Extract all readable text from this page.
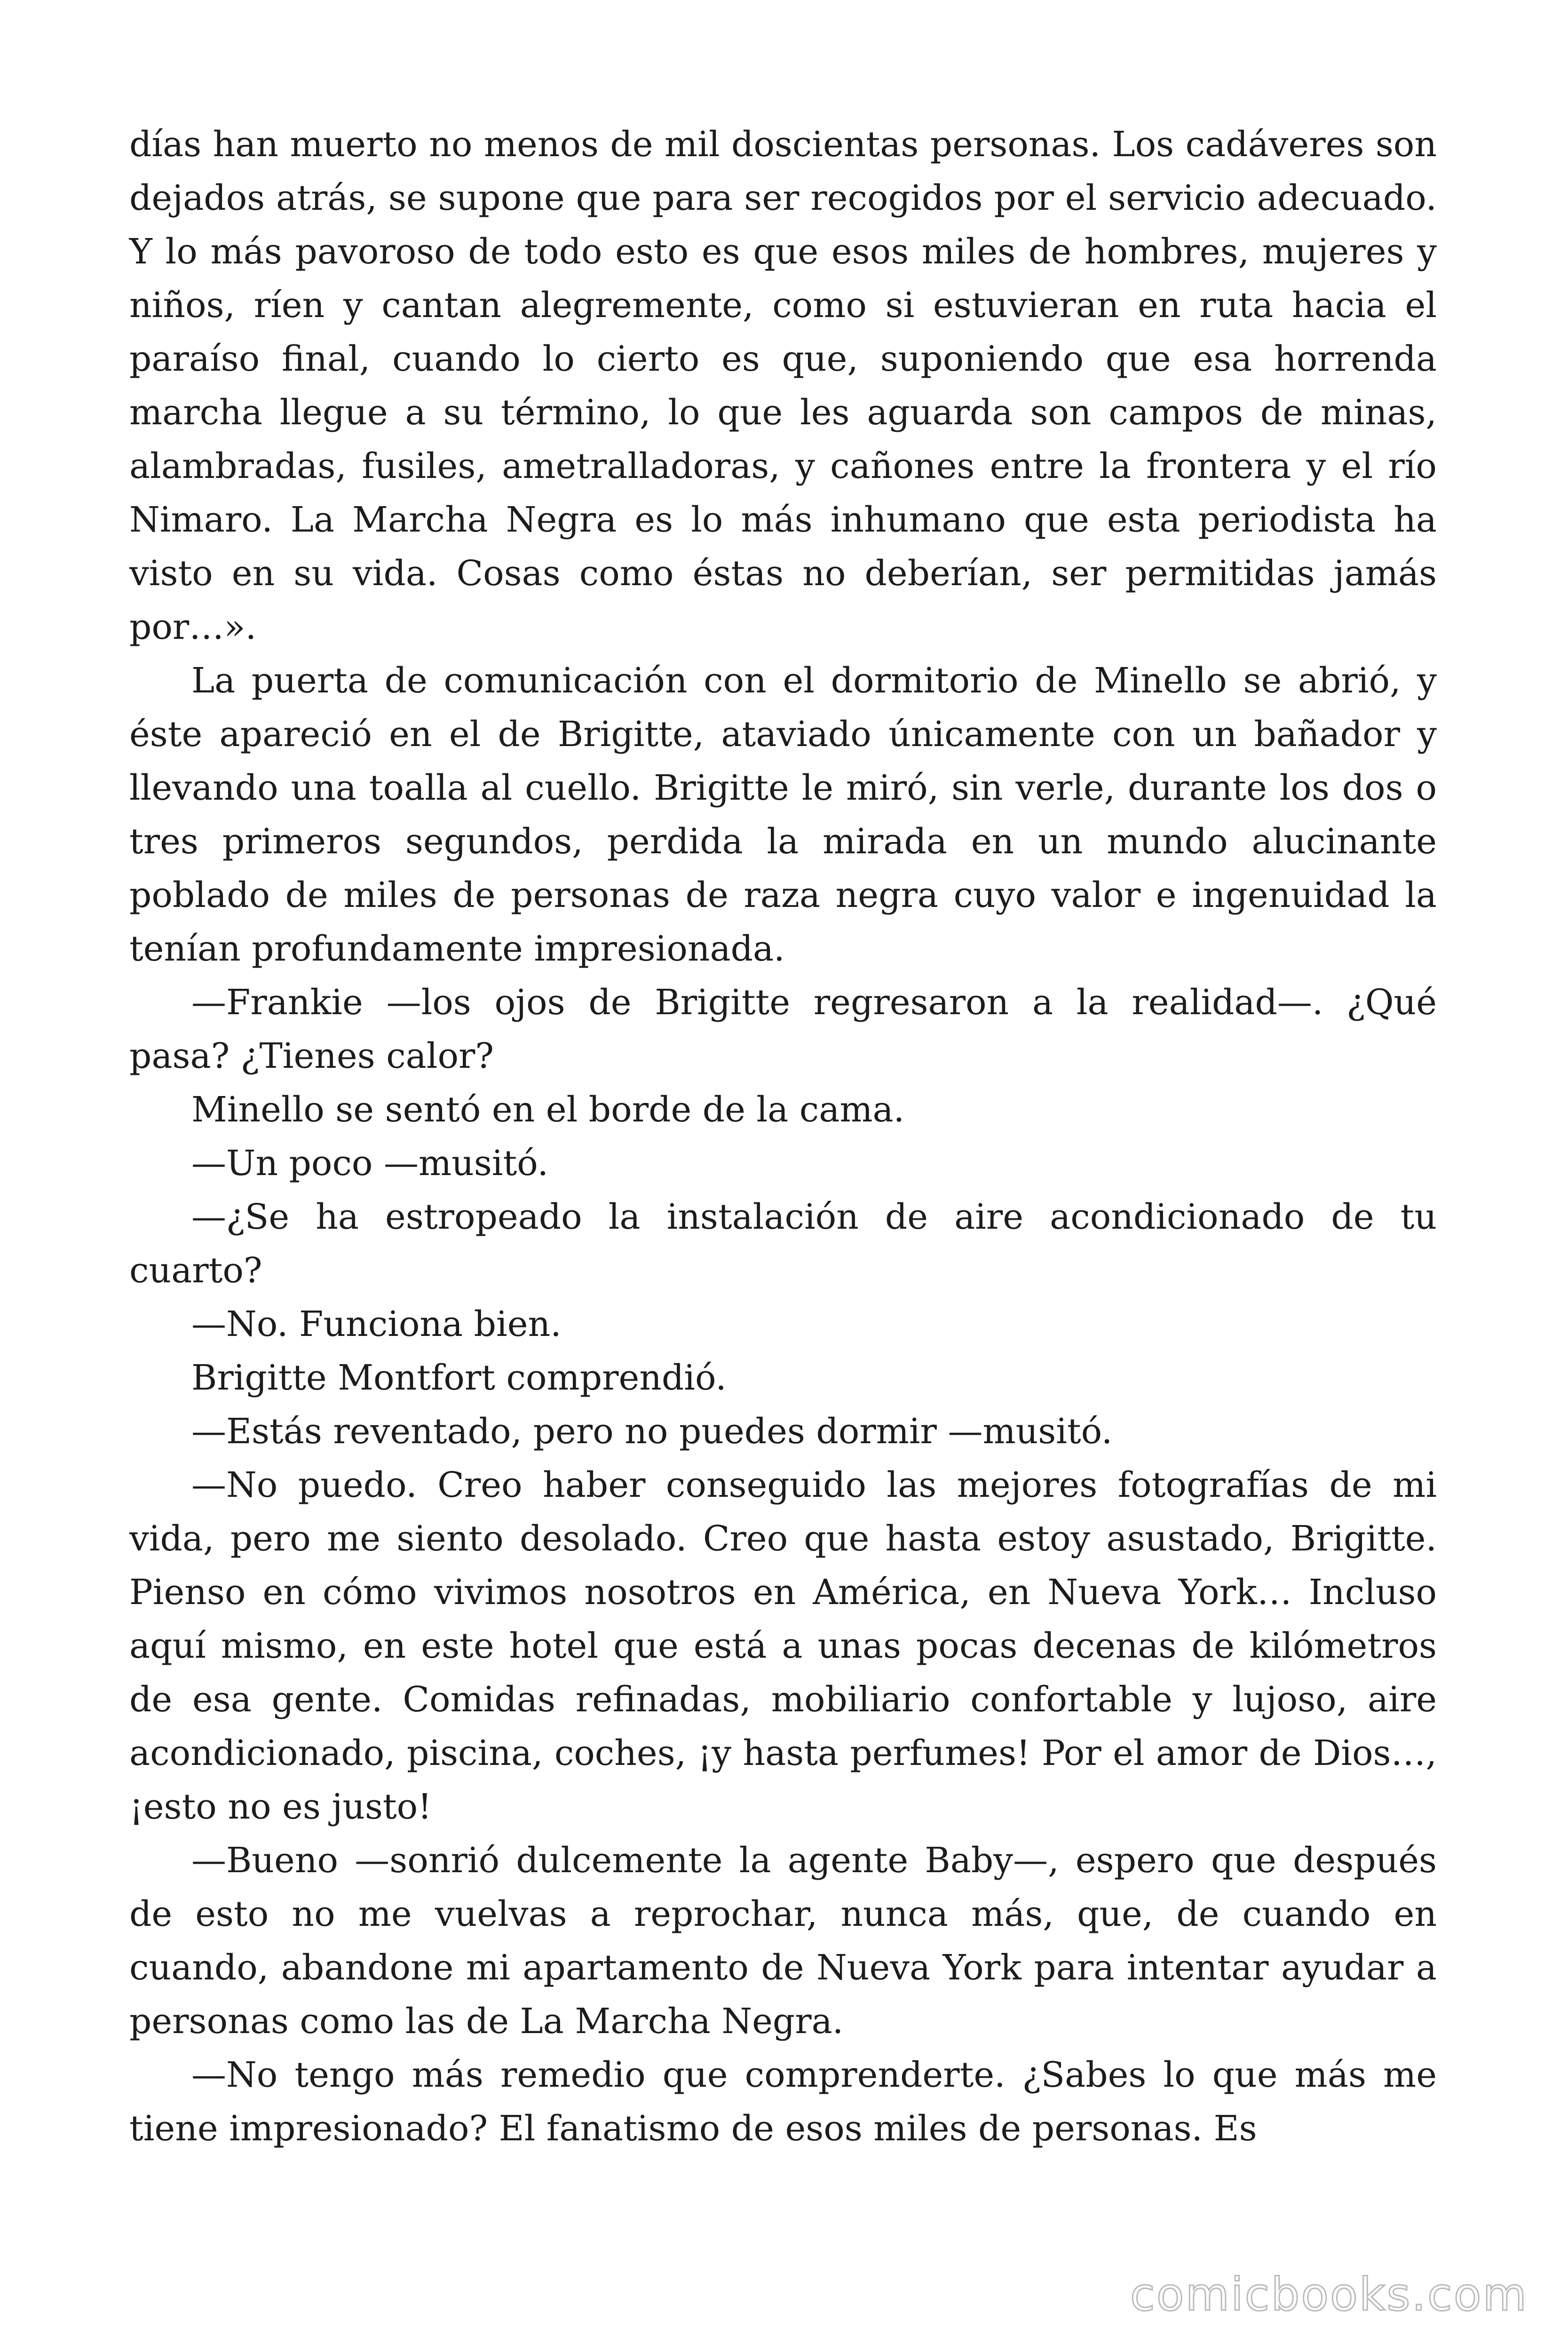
días han muerto no menos de mil doscientas personas. Los cadáveres son dejados atrás, se supone que para ser recogidos por el servicio adecuado. Y lo más pavoroso de todo esto es que esos miles de hombres, mujeres y niños, ríen y cantan alegremente, como si estuvieran en ruta hacia el paraíso final, cuando lo cierto es que, suponiendo que esa horrenda marcha llegue a su término, lo que les aguarda son campos de minas, alambradas, fusiles, ametralladoras, y cañones entre la frontera y el río Nimaro. La Marcha Negra es lo más inhumano que esta periodista ha visto en su vida. Cosas como éstas no deberían, ser permitidas jamás por…».

La puerta de comunicación con el dormitorio de Minello se abrió, y éste apareció en el de Brigitte, ataviado únicamente con un bañador y llevando una toalla al cuello. Brigitte le miró, sin verle, durante los dos o tres primeros segundos, perdida la mirada en un mundo alucinante poblado de miles de personas de raza negra cuyo valor e ingenuidad la tenían profundamente impresionada.

—Frankie —los ojos de Brigitte regresaron a la realidad—. ¿Qué pasa? ¿Tienes calor?

Minello se sentó en el borde de la cama.

—Un poco —musitó.

—¿Se ha estropeado la instalación de aire acondicionado de tu cuarto?

—No. Funciona bien.

Brigitte Montfort comprendió.

—Estás reventado, pero no puedes dormir —musitó.

—No puedo. Creo haber conseguido las mejores fotografías de mi vida, pero me siento desolado. Creo que hasta estoy asustado, Brigitte. Pienso en cómo vivimos nosotros en América, en Nueva York… Incluso aquí mismo, en este hotel que está a unas pocas decenas de kilómetros de esa gente. Comidas refinadas, mobiliario confortable y lujoso, aire acondicionado, piscina, coches, ¡y hasta perfumes! Por el amor de Dios…, ¡esto no es justo!

—Bueno —sonrió dulcemente la agente Baby—, espero que después de esto no me vuelvas a reprochar, nunca más, que, de cuando en cuando, abandone mi apartamento de Nueva York para intentar ayudar a personas como las de La Marcha Negra.

—No tengo más remedio que comprenderte. ¿Sabes lo que más me tiene impresionado? El fanatismo de esos miles de personas. Es

comicbooks.com
